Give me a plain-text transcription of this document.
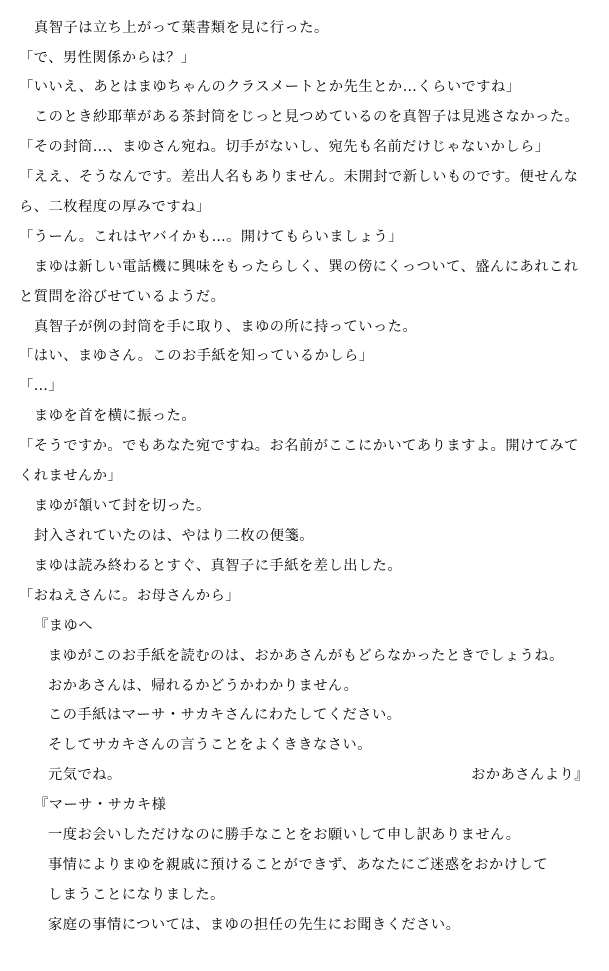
真智子は立ち上がって葉書類を見に行った。
「で、男性関係からは？」
「いいえ、あとはまゆちゃんのクラスメートとか先生とか…くらいですね」
このとき紗耶華がある茶封筒をじっと見つめているのを真智子は見逃さなかった。
「その封筒…、まゆさん宛ね。切手がないし、宛先も名前だけじゃないかしら」
「ええ、そうなんです。差出人名もありません。未開封で新しいものです。便せんな
ら、二枚程度の厚みですね」
「うーん。これはヤバイかも…。開けてもらいましょう」
まゆは新しい電話機に興味をもったらしく、巽の傍にくっついて、盛んにあれこれ
と質問を浴びせているようだ。
真智子が例の封筒を手に取り、まゆの所に持っていった。
「はい、まゆさん。このお手紙を知っているかしら」
「…」
まゆを首を横に振った。
「そうですか。でもあなた宛ですね。お名前がここにかいてありますよ。開けてみて
くれませんか」
まゆが頷いて封を切った。
封入されていたのは、やはり二枚の便箋。
まゆは読み終わるとすぐ、真智子に手紙を差し出した。
「おねえさんに。お母さんから」
『まゆへ
まゆがこのお手紙を読むのは、おかあさんがもどらなかったときでしょうね。
おかあさんは、帰れるかどうかわかりません。
この手紙はマーサ・サカキさんにわたしてください。
そしてサカキさんの言うことをよくききなさい。
元気でね。	おかあさんより』
『マーサ・サカキ様
一度お会いしただけなのに勝手なことをお願いして申し訳ありません。
事情によりまゆを親戚に預けることができず、あなたにご迷惑をおかけして
しまうことになりました。
家庭の事情については、まゆの担任の先生にお聞きください。
